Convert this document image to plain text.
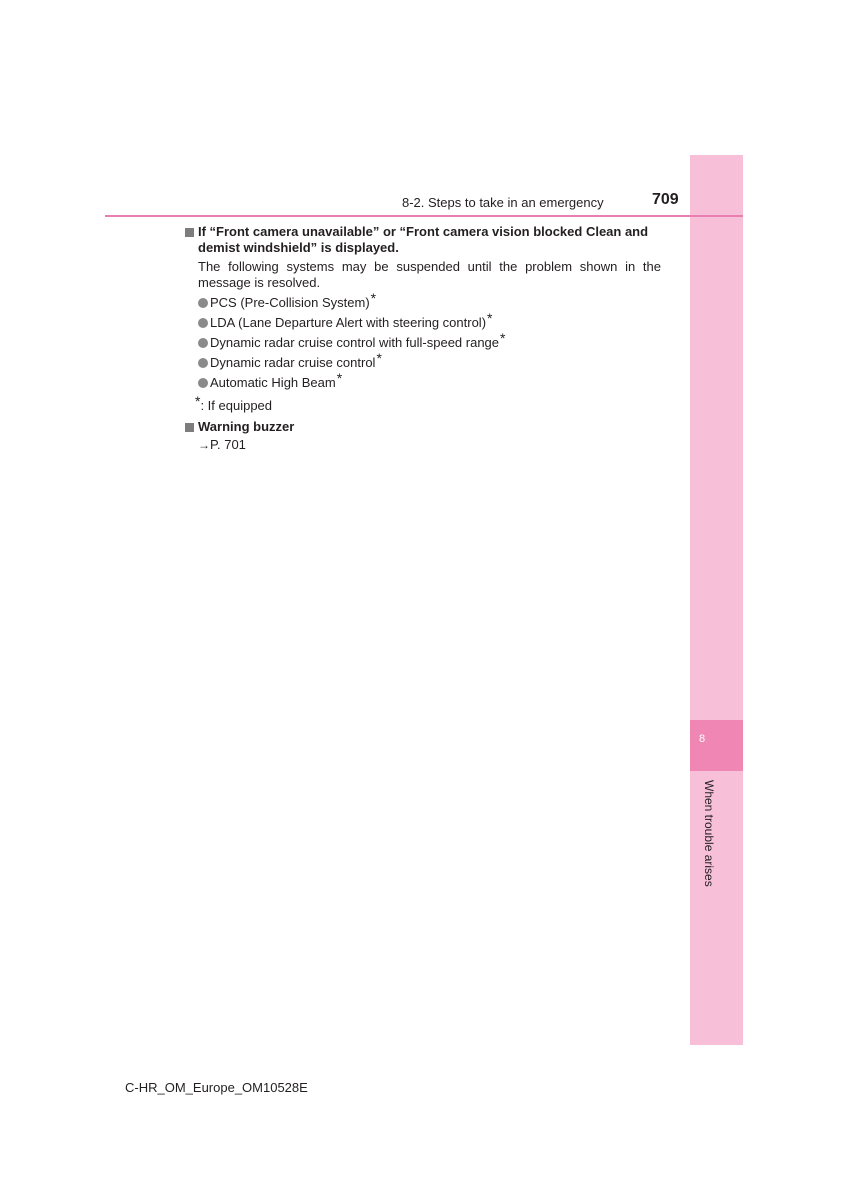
8
When trouble arises
8-2. Steps to take in an emergency	709
If “Front camera unavailable” or “Front camera vision blocked Clean and demist windshield” is displayed.
The following systems may be suspended until the problem shown in the message is resolved.
PCS (Pre-Collision System) *
LDA (Lane Departure Alert with steering control) *
Dynamic radar cruise control with full-speed range *
Dynamic radar cruise control *
Automatic High Beam *
*: If equipped
Warning buzzer
→P. 701
C-HR_OM_Europe_OM10528E
